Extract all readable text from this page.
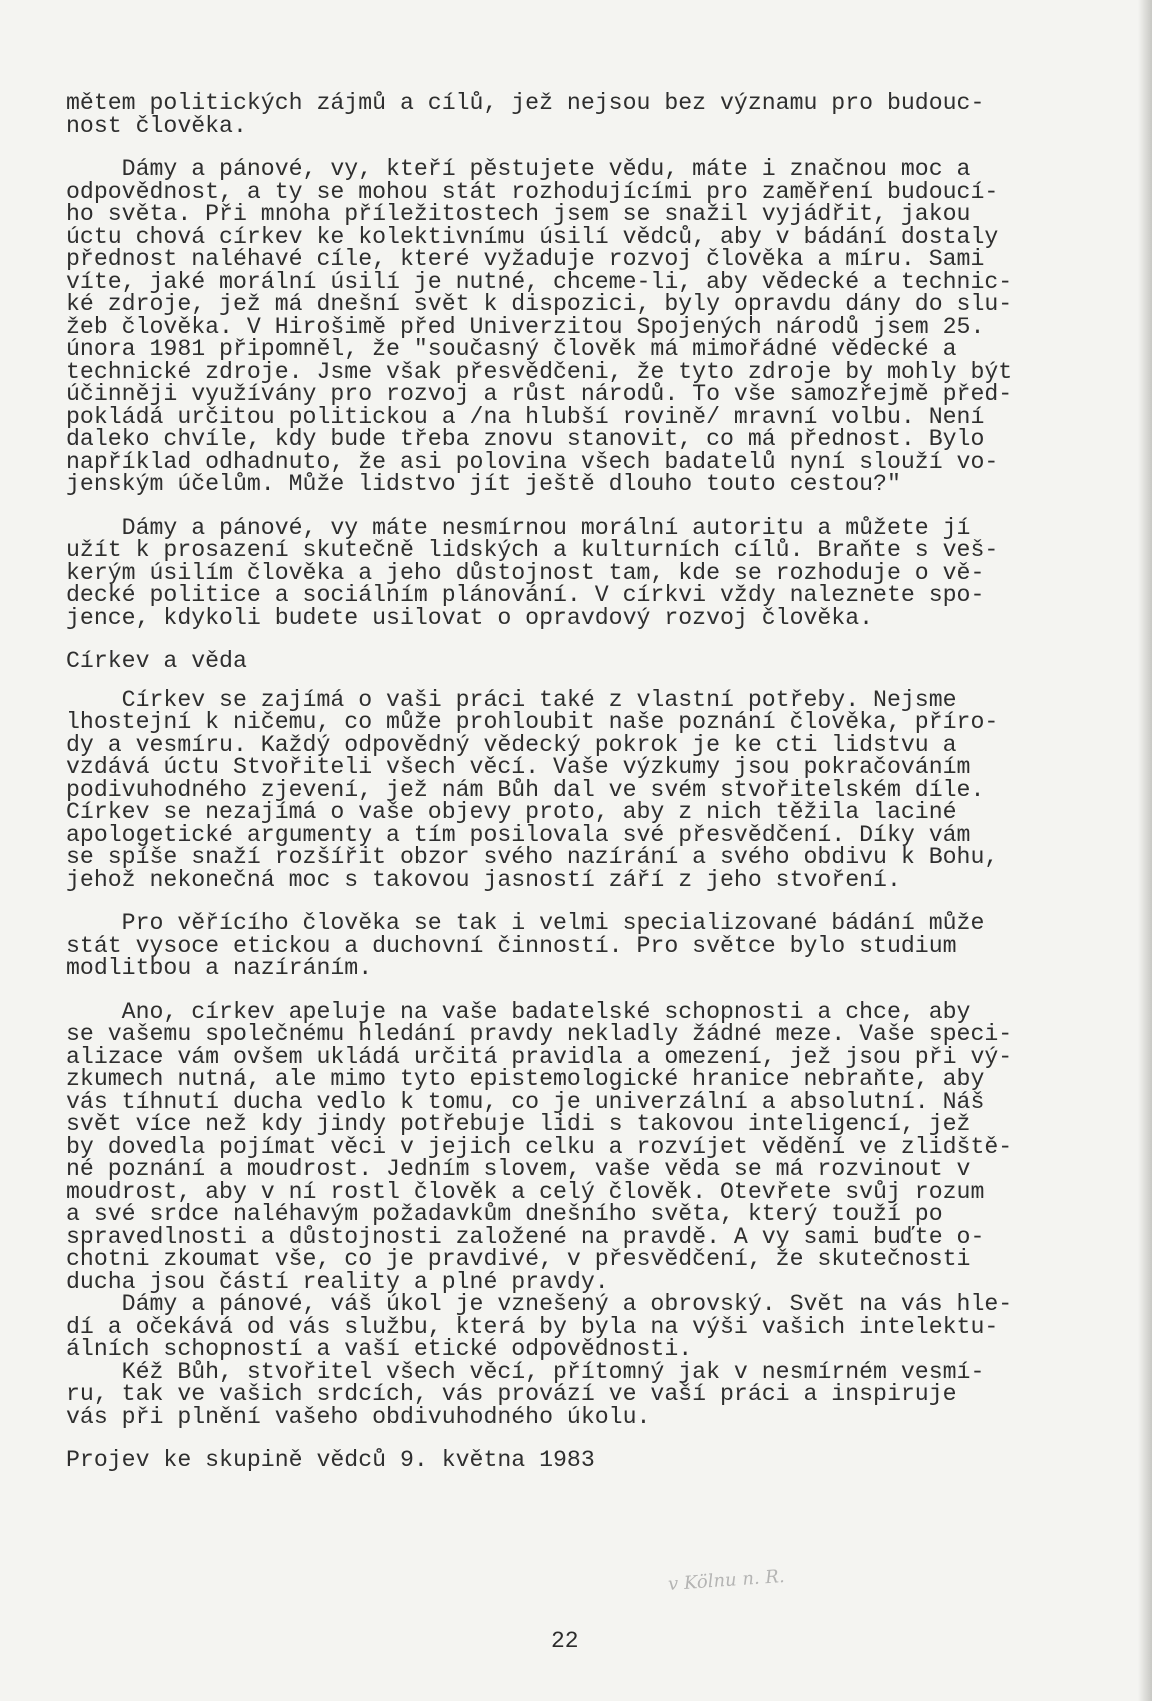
mětem politických zájmů a cílů, jež nejsou bez významu pro budouc-
nost člověka.
Dámy a pánové, vy, kteří pěstujete vědu, máte i značnou moc a
odpovědnost, a ty se mohou stát rozhodujícími pro zaměření budoucí-
ho světa. Při mnoha příležitostech jsem se snažil vyjádřit, jakou
úctu chová církev ke kolektivnímu úsilí vědců, aby v bádání dostaly
přednost naléhavé cíle, které vyžaduje rozvoj člověka a míru. Sami
víte, jaké morální úsilí je nutné, chceme-li, aby vědecké a technic-
ké zdroje, jež má dnešní svět k dispozici, byly opravdu dány do slu-
žeb člověka. V Hirošimě před Univerzitou Spojených národů jsem 25.
února 1981 připomněl, že "současný člověk má mimořádné vědecké a
technické zdroje. Jsme však přesvědčeni, že tyto zdroje by mohly být
účinněji využívány pro rozvoj a růst národů. To vše samozřejmě před-
pokládá určitou politickou a /na hlubší rovině/ mravní volbu. Není
daleko chvíle, kdy bude třeba znovu stanovit, co má přednost. Bylo
například odhadnuto, že asi polovina všech badatelů nyní slouží vo-
jenským účelům. Může lidstvo jít ještě dlouho touto cestou?"
Dámy a pánové, vy máte nesmírnou morální autoritu a můžete jí
užít k prosazení skutečně lidských a kulturních cílů. Braňte s veš-
kerým úsilím člověka a jeho důstojnost tam, kde se rozhoduje o vě-
decké politice a sociálním plánování. V církvi vždy naleznete spo-
jence, kdykoli budete usilovat o opravdový rozvoj člověka.
Církev a věda
Církev se zajímá o vaši práci také z vlastní potřeby. Nejsme
lhostejní k ničemu, co může prohloubit naše poznání člověka, příro-
dy a vesmíru. Každý odpovědný vědecký pokrok je ke cti lidstvu a
vzdává úctu Stvořiteli všech věcí. Vaše výzkumy jsou pokračováním
podivuhodného zjevení, jež nám Bůh dal ve svém stvořitelském díle.
Církev se nezajímá o vaše objevy proto, aby z nich těžila laciné
apologetické argumenty a tím posilovala své přesvědčení. Díky vám
se spíše snaží rozšířit obzor svého nazírání a svého obdivu k Bohu,
jehož nekonečná moc s takovou jasností září z jeho stvoření.
Pro věřícího člověka se tak i velmi specializované bádání může
stát vysoce etickou a duchovní činností. Pro světce bylo studium
modlitbou a nazíráním.
Ano, církev apeluje na vaše badatelské schopnosti a chce, aby
se vašemu společnému hledání pravdy nekladly žádné meze. Vaše speci-
alizace vám ovšem ukládá určitá pravidla a omezení, jež jsou při vý-
zkumech nutná, ale mimo tyto epistemologické hranice nebraňte, aby
vás tíhnutí ducha vedlo k tomu, co je univerzální a absolutní. Náš
svět více než kdy jindy potřebuje lidi s takovou inteligencí, jež
by dovedla pojímat věci v jejich celku a rozvíjet vědění ve zlidště-
né poznání a moudrost. Jedním slovem, vaše věda se má rozvinout v
moudrost, aby v ní rostl člověk a celý člověk. Otevřete svůj rozum
a své srdce naléhavým požadavkům dnešního světa, který touží po
spravedlnosti a důstojnosti založené na pravdě. A vy sami buďte o-
chotni zkoumat vše, co je pravdivé, v přesvědčení, že skutečnosti
ducha jsou částí reality a plné pravdy.
Dámy a pánové, váš úkol je vznešený a obrovský. Svět na vás hle-
dí a očekává od vás službu, která by byla na výši vašich intelektu-
álních schopností a vaší etické odpovědnosti.
Kéž Bůh, stvořitel všech věcí, přítomný jak v nesmírném vesmí-
ru, tak ve vašich srdcích, vás provází ve vaší práci a inspiruje
vás při plnění vašeho obdivuhodného úkolu.
Projev ke skupině vědců 9. května 1983
v Kölnu n. R.
22
